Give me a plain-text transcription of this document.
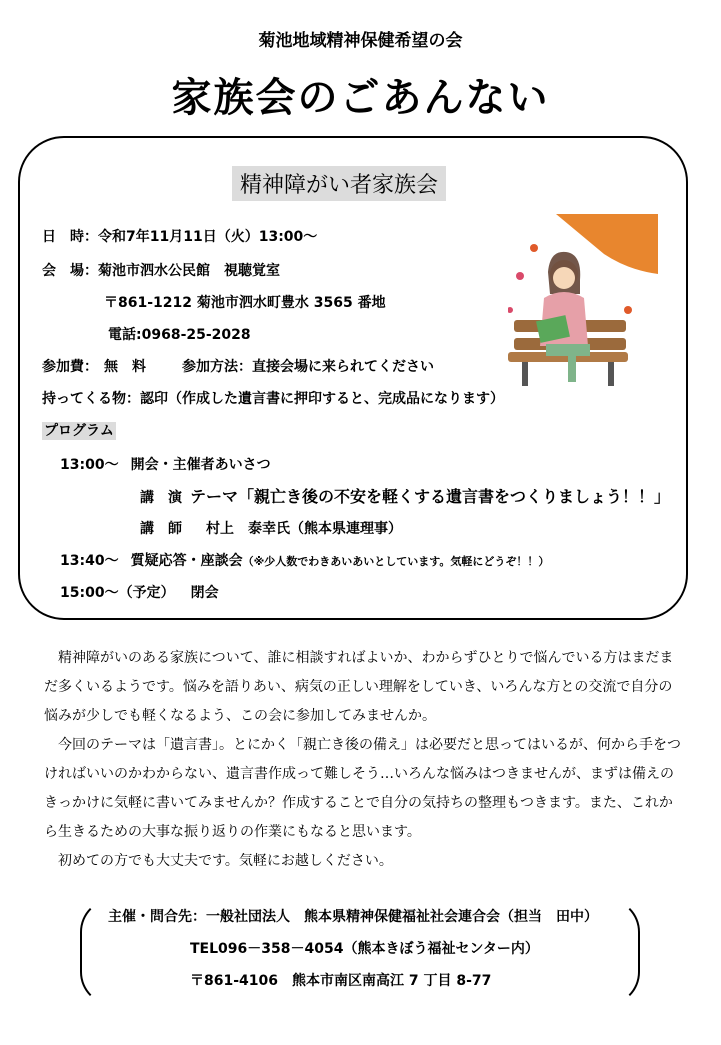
菊池地域精神保健希望の会
家族会のごあんない
精神障がい者家族会
日　時：令和7年11月11日（火）13:00～
会　場：菊池市泗水公民館　視聴覚室
〒861-1212 菊池市泗水町豊水 3565 番地
電話:0968-25-2028
参加費： 無　料	参加方法：直接会場に来られてください
持ってくる物：認印（作成した遺言書に押印すると、完成品になります）
プログラム
13:00～ 開会・主催者あいさつ
講　演 テーマ「親亡き後の不安を軽くする遺言書をつくりましょう！！」
講　師 村上　泰幸氏（熊本県連理事）
13:40～ 質疑応答・座談会（※少人数でわきあいあいとしています。気軽にどうぞ！！）
15:00～（予定） 閉会

精神障がいのある家族について、誰に相談すればよいか、わからずひとりで悩んでいる方はまだまだ多くいるようです。悩みを語りあい、病気の正しい理解をしていき、いろんな方との交流で自分の悩みが少しでも軽くなるよう、この会に参加してみませんか。

今回のテーマは「遺言書」。とにかく「親亡き後の備え」は必要だと思ってはいるが、何から手をつければいいのかわからない、遺言書作成って難しそう…いろんな悩みはつきませんが、まずは備えのきっかけに気軽に書いてみませんか？作成することで自分の気持ちの整理もつきます。また、これから生きるための大事な振り返りの作業にもなると思います。

初めての方でも大丈夫です。気軽にお越しください。

主催・問合先：一般社団法人　熊本県精神保健福祉社会連合会（担当　田中）
TEL096－358－4054（熊本きぼう福祉センター内）
〒861-4106　熊本市南区南高江 7 丁目 8-77
